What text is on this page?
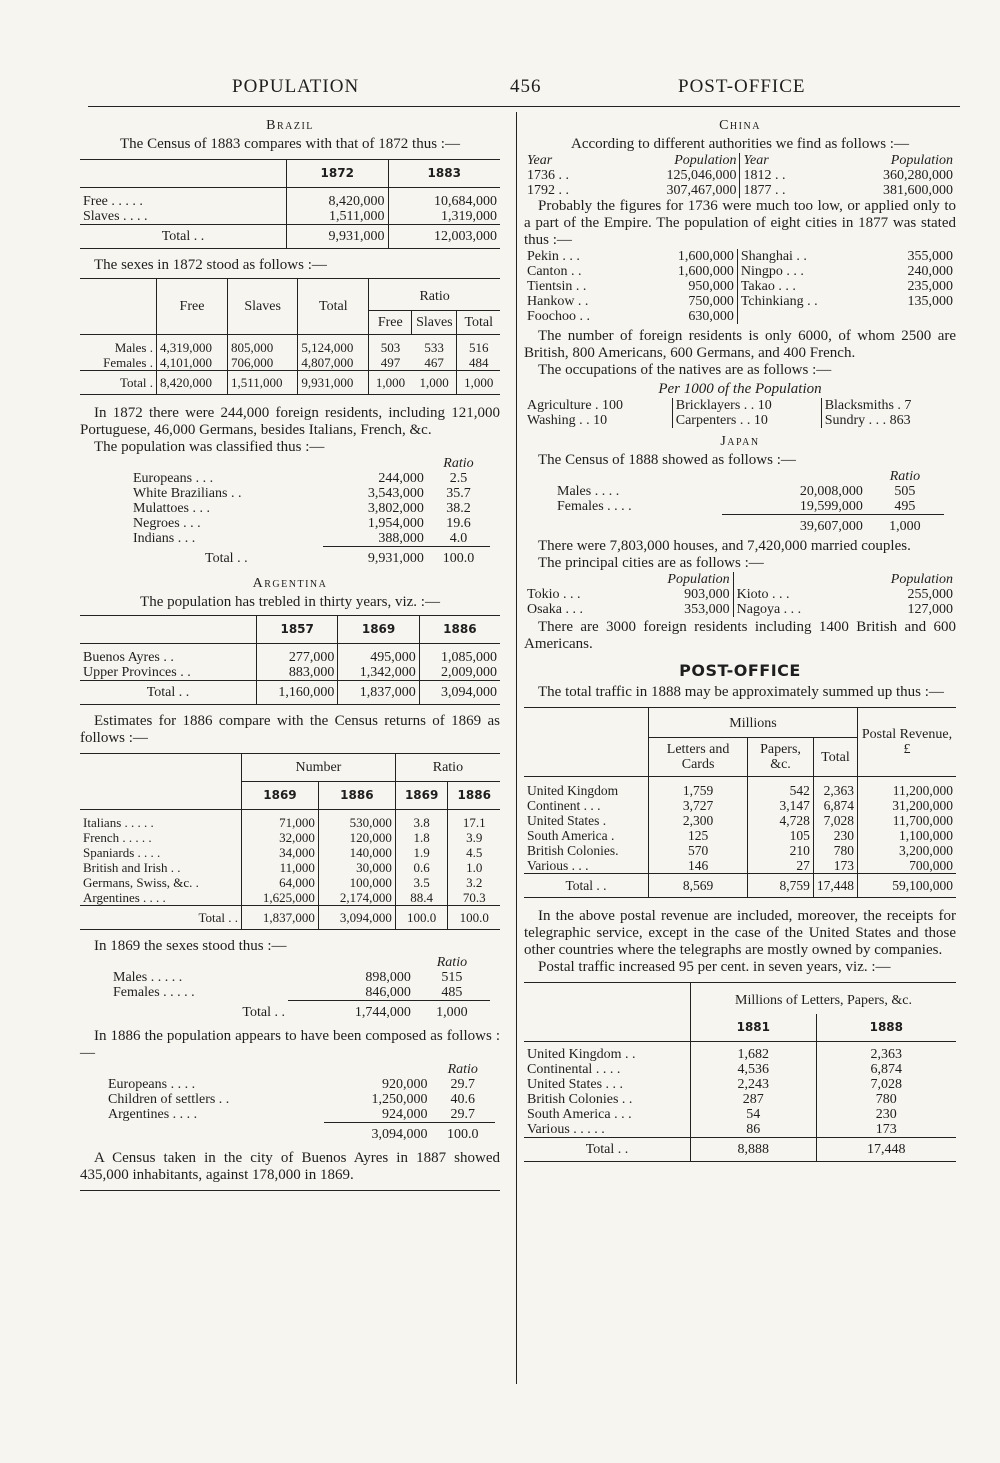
POPULATION	456	POST-OFFICE
Brazil

The Census of 1883 compares with that of 1872 thus :—

	1872	1883

Free . . . . .	8,420,000	10,684,000
Slaves . . . .	1,511,000	1,319,000
Total . .	9,931,000	12,003,000

The sexes in 1872 stood as follows :—

	Free	Slaves	Total	Ratio		
				Free	Slaves	Total

Males .	4,319,000	805,000	5,124,000	503	533	516
Females .	4,101,000	706,000	4,807,000	497	467	484
Total .	8,420,000	1,511,000	9,931,000	1,000	1,000	1,000

In 1872 there were 244,000 foreign residents, including 121,000 Portuguese, 46,000 Germans, besides Italians, French, &c.

The population was classified thus :—

		Ratio
Europeans . . .	244,000	2.5
White Brazilians . .	3,543,000	35.7
Mulattoes . . .	3,802,000	38.2
Negroes . . .	1,954,000	19.6
Indians . . .	388,000	4.0
Total . .	9,931,000	100.0
Argentina

The population has trebled in thirty years, viz. :—

	1857	1869	1886

Buenos Ayres . .	277,000	495,000	1,085,000
Upper Provinces . .	883,000	1,342,000	2,009,000
Total . .	1,160,000	1,837,000	3,094,000

Estimates for 1886 compare with the Census returns of 1869 as follows :—

	Number		Ratio	
	1869	1886	1869	1886

Italians . . . . .	71,000	530,000	3.8	17.1
French . . . . .	32,000	120,000	1.8	3.9
Spaniards . . . .	34,000	140,000	1.9	4.5
British and Irish . .	11,000	30,000	0.6	1.0
Germans, Swiss, &c. .	64,000	100,000	3.5	3.2
Argentines . . . .	1,625,000	2,174,000	88.4	70.3
Total . .	1,837,000	3,094,000	100.0	100.0

In 1869 the sexes stood thus :—

		Ratio
Males . . . . .	898,000	515
Females . . . . .	846,000	485
Total . .	1,744,000	1,000

In 1886 the population appears to have been composed as follows :—

		Ratio
Europeans . . . .	920,000	29.7
Children of settlers . .	1,250,000	40.6
Argentines . . . .	924,000	29.7
	3,094,000	100.0

A Census taken in the city of Buenos Ayres in 1887 showed 435,000 inhabitants, against 178,000 in 1869.

China

According to different authorities we find as follows :—

Year	Population	Year	Population
1736 . .	125,046,000	1812 . .	360,280,000
1792 . .	307,467,000	1877 . .	381,600,000

Probably the figures for 1736 were much too low, or applied only to a part of the Empire. The population of eight cities in 1877 was stated thus :—

Pekin . . .	1,600,000	Shanghai . .	355,000
Canton . .	1,600,000	Ningpo . . .	240,000
Tientsin . .	950,000	Takao . . .	235,000
Hankow . .	750,000	Tchinkiang . .	135,000
Foochoo . .	630,000		

The number of foreign residents is only 6000, of whom 2500 are British, 800 Americans, 600 Germans, and 400 French.

The occupations of the natives are as follows :—

Per 1000 of the Population

Agriculture . 100	Bricklayers . . 10	Blacksmiths . 7
Washing . . 10	Carpenters . . 10	Sundry . . . 863
Japan

The Census of 1888 showed as follows :—

		Ratio
Males . . . .	20,008,000	505
Females . . . .	19,599,000	495
	39,607,000	1,000

There were 7,803,000 houses, and 7,420,000 married couples.

The principal cities are as follows :—

	Population		Population
Tokio . . .	903,000	Kioto . . .	255,000
Osaka . . .	353,000	Nagoya . . .	127,000

There are 3000 foreign residents including 1400 British and 600 Americans.

POST-OFFICE

The total traffic in 1888 may be approximately summed up thus :—

	Millions			Postal Revenue, £
	Letters and Cards	Papers, &c.	Total	

United Kingdom	1,759	542	2,363	11,200,000
Continent . . .	3,727	3,147	6,874	31,200,000
United States .	2,300	4,728	7,028	11,700,000
South America .	125	105	230	1,100,000
British Colonies.	570	210	780	3,200,000
Various . . .	146	27	173	700,000
Total . .	8,569	8,759	17,448	59,100,000

In the above postal revenue are included, moreover, the receipts for telegraphic service, except in the case of the United States and those other countries where the telegraphs are mostly owned by companies.

Postal traffic increased 95 per cent. in seven years, viz. :—

	Millions of Letters, Papers, &c.	
	1881	1888

United Kingdom . .	1,682	2,363
Continental . . . .	4,536	6,874
United States . . .	2,243	7,028
British Colonies . .	287	780
South America . . .	54	230
Various . . . . .	86	173
Total . .	8,888	17,448
